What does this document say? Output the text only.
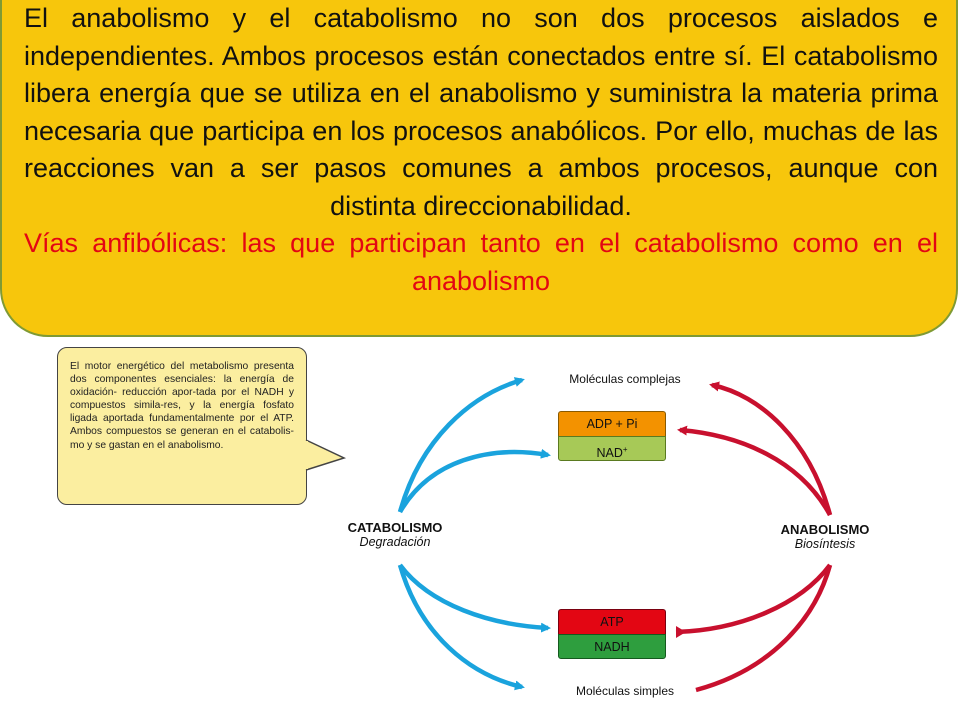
El anabolismo y el catabolismo no son dos procesos aislados e independientes. Ambos procesos están conectados entre sí. El catabolismo libera energía que se utiliza en el anabolismo y suministra la materia prima necesaria que participa en los procesos anabólicos. Por ello, muchas de las reacciones van a ser pasos comunes a ambos procesos, aunque con distinta direccionabilidad.
Vías anfibólicas: las que participan tanto en el catabolismo como en el anabolismo
El motor energético del metabolismo presenta dos componentes esenciales: la energía de oxidación- reducción apor-tada por el NADH y compuestos simila-res, y la energía fosfato ligada aportada fundamentalmente por el ATP. Ambos compuestos se generan en el catabolis-mo y se gastan en el anabolismo.
Moléculas complejas
Moléculas simples
CATABOLISMO
Degradación
ANABOLISMO
Biosíntesis
ADP + Pi
NAD+
ATP
NADH
